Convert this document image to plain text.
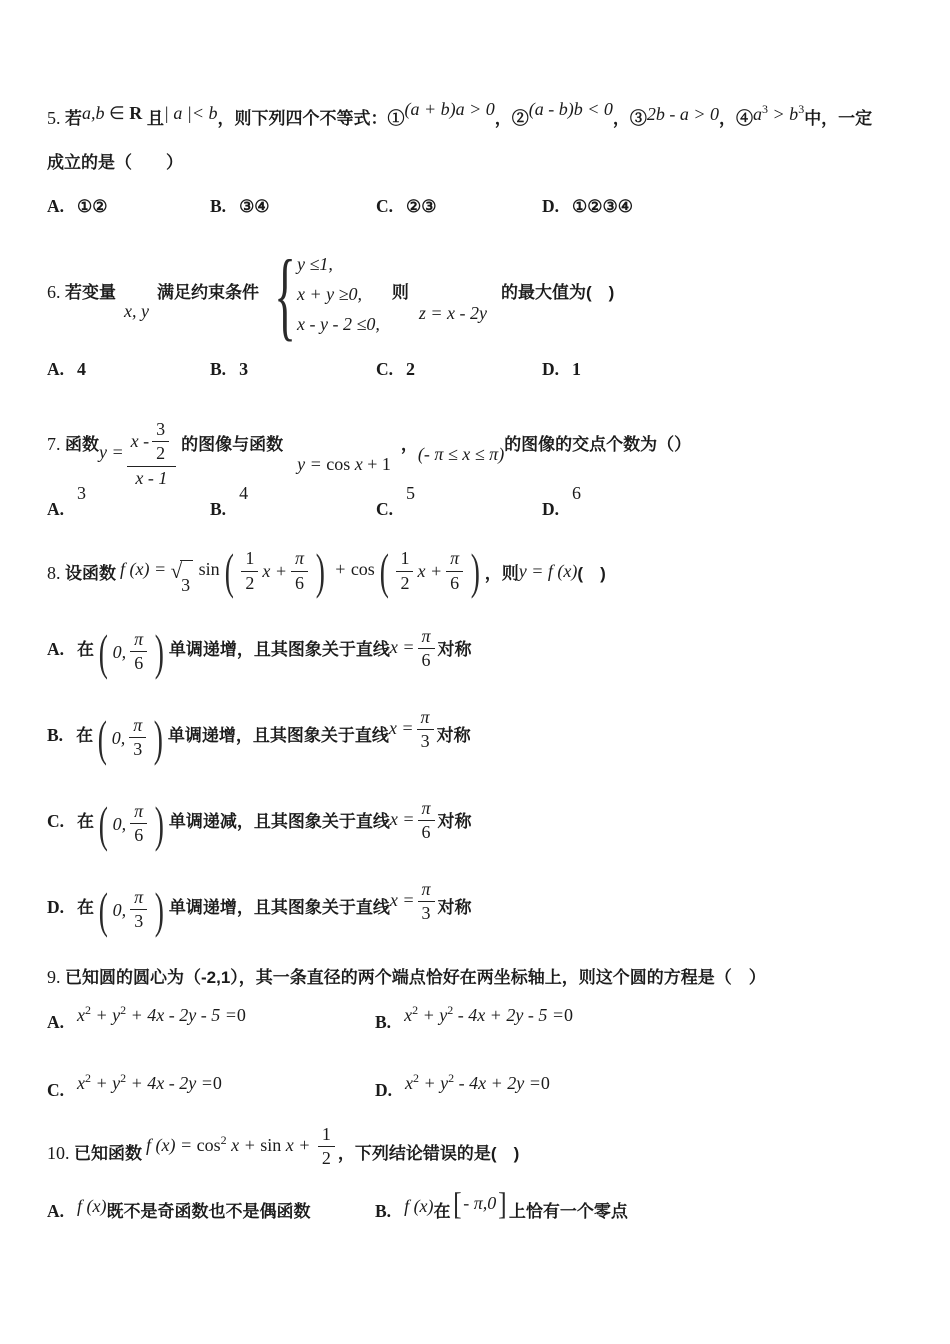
5. 若a,b ∈ R 且| a |< b，则下列四个不等式：①(a + b)a > 0，②(a - b)b < 0，③2b - a > 0，$④a^3 > b^3$中，一定
成立的是（　　）
A. ①②	B. ③④	C. ②③	D. ①②③④
6. 若变量x, y满足约束条件 { y ≤1,
x + y ≥0,
x - y - 2 ≤0,
则z = x - 2y的最大值为(　)
A. 4	B. 3	C. 2	D. 1
7. 函数$y = \frac{x - \frac{3}{2}}{x - 1}$ 的图像与函数y = cos x + 1，(- π ≤ x ≤ π)的图像的交点个数为（）
A.3
B.4
C.5
D.6
8. 设函数 f (x) = √
3
sin ( $\frac{1}{2}$ $x + \frac{\pi}{6}$ ) + cos ( $\frac{1}{2}$ $x + \frac{\pi}{6}$ ) ，则y = f (x)(　)
A. 在 ( 0, $\frac{\pi}{6}$ ) 单调递增，且其图象关于直线$x = \frac{\pi}{6}$ 对称
B. 在 ( 0, $\frac{\pi}{3}$ ) 单调递增，且其图象关于直线$x = \frac{\pi}{3}$ 对称
C. 在 ( 0, $\frac{\pi}{6}$ ) 单调递减，且其图象关于直线$x = \frac{\pi}{6}$ 对称
D. 在 ( 0, $\frac{\pi}{3}$ ) 单调递增，且其图象关于直线$x = \frac{\pi}{3}$ 对称
9. 已知圆的圆心为（-2,1），其一条直径的两个端点恰好在两坐标轴上，则这个圆的方程是（　）
A. $x^2 + y^2 + 4x - 2y - 5 =0$	B. $x^2 + y^2 - 4x + 2y - 5 =0$
C. $x^2 + y^2 + 4x - 2y =0$	D. $x^2 + y^2 - 4x + 2y =0$
10. 已知函数 f $(x) = \cos^2 x + \sin x + \frac{1}{2}$ ，下列结论错误的是(　)
A. f (x)既不是奇函数也不是偶函数	B. f (x)在 [ - π,0 ] 上恰有一个零点
